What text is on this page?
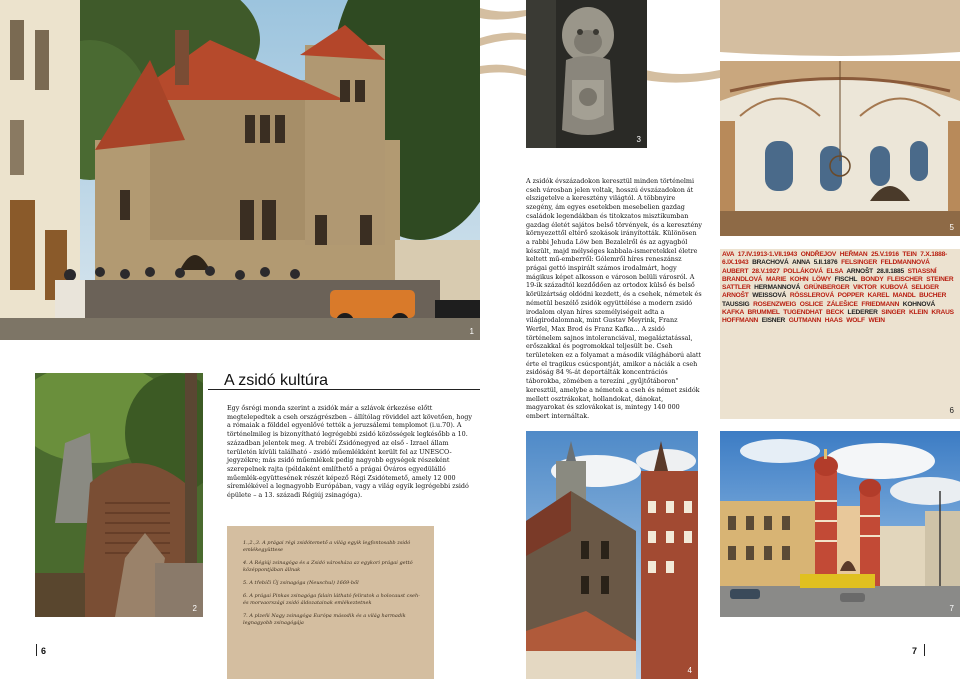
1
2
A zsidó kultúra

Egy ősrégi monda szerint a zsidók már a szlávok érkezése előtt megtelepedtek a cseh országrészben – állítólag röviddel azt követően, hogy a rómaiak a földdel egyenlővé tették a jeruzsálemi templomot (i.u.70). A történelmileg is bizonyítható legrégebbi zsidó közösségek legkésőbb a 10. században jelentek meg. A trebíčí Zsidónegyed az első - Izrael állam területén kívüli található - zsidó műemlékként került fel az UNESCO-jegyzékre; más zsidó műemlékek pedig nagyobb egységek részeként szerepelnek rajta (példaként említhető a prágai Óváros egyedülálló műemlék-együttesének részét képező Régi Zsidótemető, amely 12 000 síremlékével a legnagyobb Európában, vagy a világ egyik legrégebbi zsidó épülete – a 13. századi Régiúj zsinagóga).

1.,2.,3. A prágai régi zsidótemető a világ egyik legfontosabb zsidó emlékegyüttese
4. A Régiúj zsinagóga és a Zsidó városháza az egykori prágai gettó középpontjában állnak
5. A třebíči Új zsinagóga (Neuschul) 1669-ből
6. A prágai Pinkas zsinagóga falain látható feliratok a holocaust cseh- és morvaországi zsidó áldozatainak emlékeztetnek
7. A plzeňi Nagy zsinagóga Európa második és a világ harmadik legnagyobb zsinagógája
6
3
5
AVA 17.IV.1913-1.VII.1943 ONDŘEJOV HEŘMAN 25.V.1916 TEIN 7.X.1888-6.IX.1943 BRACHOVÁ ANNA 5.II.1876 FELSINGER FELDMANNOVÁ AUBERT 28.V.1927 POLLÁKOVÁ ELSA ARNOŠT 28.II.1885 STIASSNÍ BRANDLOVÁ MARIE KOHN LÖWY FISCHL BONDY FLEISCHER STEINER SATTLER HERMANNOVÁ GRÜNBERGER VIKTOR KUBOVÁ SELIGER ARNOŠT WEISSOVÁ RÖSSLEROVÁ POPPER KAREL MANDL BUCHER TAUSSIG ROSENZWEIG OSLICE ZÁLEŠICE FRIEDMANN KOHNOVÁ KAFKA BRUMMEL TUGENDHAT BECK LEDERER SINGER KLEIN KRAUS HOFFMANN EISNER GUTMANN HAAS WOLF WEIN
6

A zsidók évszázadokon keresztül minden történelmi cseh városban jelen voltak, hosszú évszázadokon át elszigetelve a keresztény világtól. A többnyire szegény, ám egyes esetekben mesebelien gazdag családok legendákban és titokzatos misztikumban gazdag életét sajátos belső törvények, és a keresztény környezettől eltérő szokások irányították. Különösen a rabbi Jehuda Löw ben Bezalelről és az agyagból készült, majd mélységes kabbala-ismeretekkel életre keltett mű-emberről: Gólemről híres reneszánsz prágai gettó inspirált számos irodalmárt, hogy mágikus képet alkosson e városon belüli városról. A 19-ik századtól kezdődően az ortodox külső és belső körülzártság oldódni kezdett, és a csehek, németek és németül beszélő zsidók együttélése a modern zsidó irodalom olyan híres személyiségeit adta a világirodalomnak, mint Gustav Meyrink, Franz Werfel, Max Brod és Franz Kafka... A zsidó történelem sajnos intoleranciával, megaláztatással, erőszakkal és pogromokkal teljesült be. Cseh területeken ez a folyamat a második világháború alatt érte el tragikus csúcspontját, amikor a náciák a cseh zsidóság 84 %-át deportálták koncentrációs táborokba, zömében a terezíni „gyűjtőtáboron" keresztül, amelybe a németek a cseh és német zsidók mellett osztrákokat, hollandokat, dánokat, magyarokat és szlovákokat is, mintegy 140 000 embert internáltak.

4
7
7
